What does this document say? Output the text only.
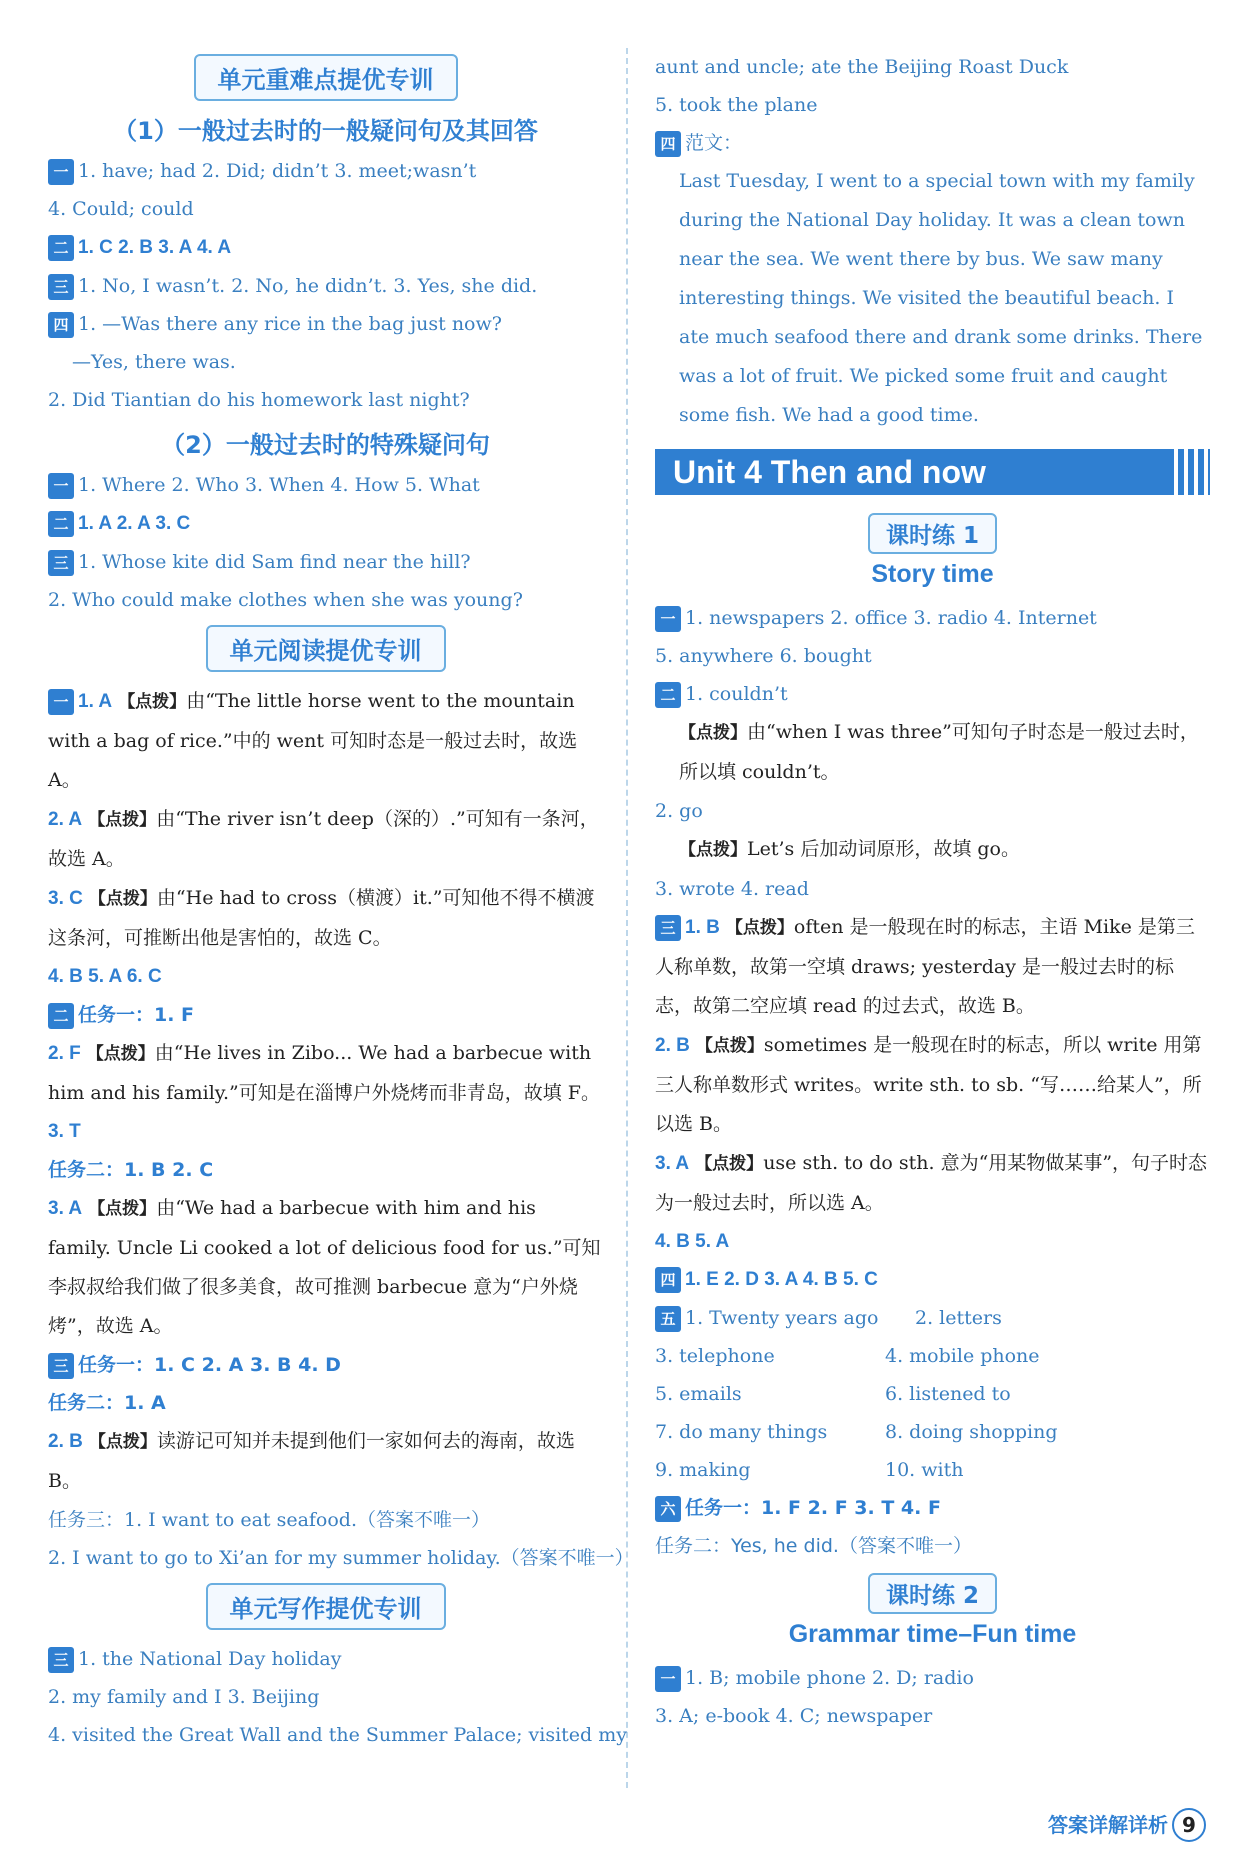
单元重难点提优专训
（1）一般过去时的一般疑问句及其回答
一 1. have; had 2. Did; didn’t 3. meet;wasn’t
4. Could; could
二 1. C 2. B 3. A 4. A
三 1. No, I wasn’t. 2. No, he didn’t. 3. Yes, she did.
四 1. —Was there any rice in the bag just now?
—Yes, there was.
2. Did Tiantian do his homework last night?
（2）一般过去时的特殊疑问句
一 1. Where 2. Who 3. When 4. How 5. What
二 1. A 2. A 3. C
三 1. Whose kite did Sam find near the hill?
2. Who could make clothes when she was young?
单元阅读提优专训
一 1. A 【点拨】由“The little horse went to the mountain with a bag of rice.”中的 went 可知时态是一般过去时，故选 A。
2. A 【点拨】由“The river isn’t deep（深的）.”可知有一条河，故选 A。
3. C 【点拨】由“He had to cross（横渡）it.”可知他不得不横渡这条河，可推断出他是害怕的，故选 C。
4. B 5. A 6. C
二 任务一：1. F
2. F 【点拨】由“He lives in Zibo... We had a barbecue with him and his family.”可知是在淄博户外烧烤而非青岛，故填 F。
3. T
任务二：1. B 2. C
3. A 【点拨】由“We had a barbecue with him and his family. Uncle Li cooked a lot of delicious food for us.”可知李叔叔给我们做了很多美食，故可推测 barbecue 意为“户外烧烤”，故选 A。
三 任务一：1. C 2. A 3. B 4. D
任务二：1. A
2. B 【点拨】读游记可知并未提到他们一家如何去的海南，故选 B。
任务三：1. I want to eat seafood.（答案不唯一）
2. I want to go to Xi’an for my summer holiday.（答案不唯一）
单元写作提优专训
三 1. the National Day holiday
2. my family and I 3. Beijing
4. visited the Great Wall and the Summer Palace; visited my
aunt and uncle; ate the Beijing Roast Duck
5. took the plane
四 范文：
Last Tuesday, I went to a special town with my family during the National Day holiday. It was a clean town near the sea. We went there by bus. We saw many interesting things. We visited the beautiful beach. I ate much seafood there and drank some drinks. There was a lot of fruit. We picked some fruit and caught some fish. We had a good time.
Unit 4 Then and now
课时练 1
Story time
一 1. newspapers 2. office 3. radio 4. Internet
5. anywhere 6. bought
二 1. couldn’t
【点拨】由“when I was three”可知句子时态是一般过去时，所以填 couldn’t。
2. go
【点拨】Let’s 后加动词原形，故填 go。
3. wrote 4. read
三 1. B 【点拨】often 是一般现在时的标志，主语 Mike 是第三人称单数，故第一空填 draws; yesterday 是一般过去时的标志，故第二空应填 read 的过去式，故选 B。
2. B 【点拨】sometimes 是一般现在时的标志，所以 write 用第三人称单数形式 writes。write sth. to sb. “写……给某人”，所以选 B。
3. A 【点拨】use sth. to do sth. 意为“用某物做某事”，句子时态为一般过去时，所以选 A。
4. B 5. A
四 1. E 2. D 3. A 4. B 5. C
五 1. Twenty years ago 2. letters
3. telephone	4. mobile phone
5. emails	6. listened to
7. do many things	8. doing shopping
9. making	10. with
六 任务一：1. F 2. F 3. T 4. F
任务二：Yes, he did.（答案不唯一）
课时练 2
Grammar time–Fun time
一 1. B; mobile phone 2. D; radio
3. A; e-book 4. C; newspaper
答案详解详析 9
